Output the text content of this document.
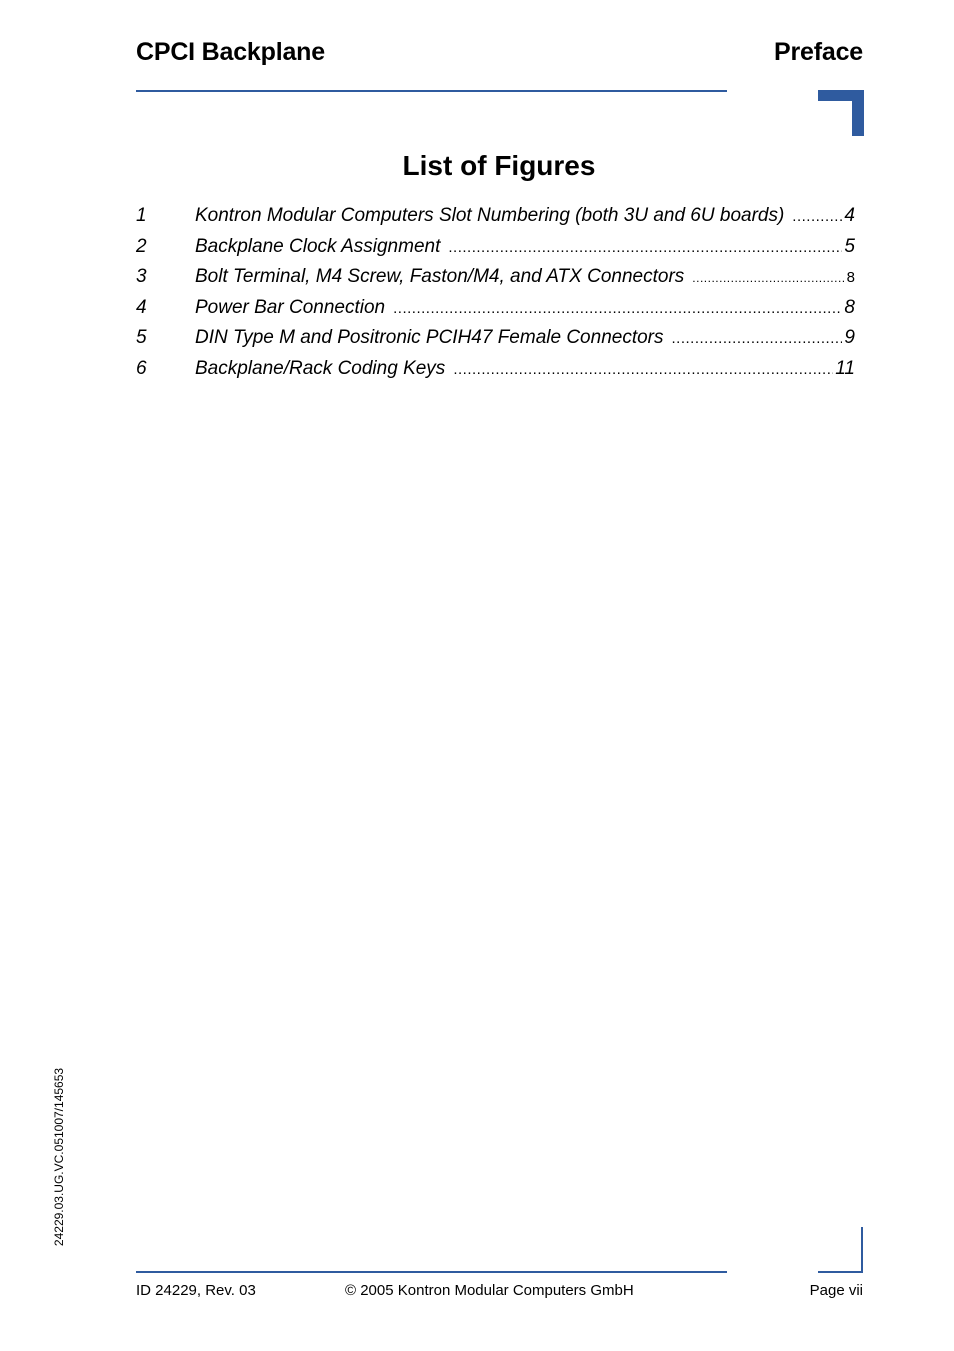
CPCI Backplane	Preface
List of Figures
1	Kontron Modular Computers Slot Numbering (both 3U and 6U boards) .....	4
2	Backplane Clock Assignment .....	5
3	Bolt Terminal, M4 Screw, Faston/M4, and ATX Connectors .....	8
4	Power Bar Connection .....	8
5	DIN Type M and Positronic PCIH47 Female Connectors .....	9
6	Backplane/Rack Coding Keys .....	11
24229.03.UG.VC.051007/145653
ID 24229, Rev. 03	© 2005 Kontron Modular Computers GmbH	Page vii
